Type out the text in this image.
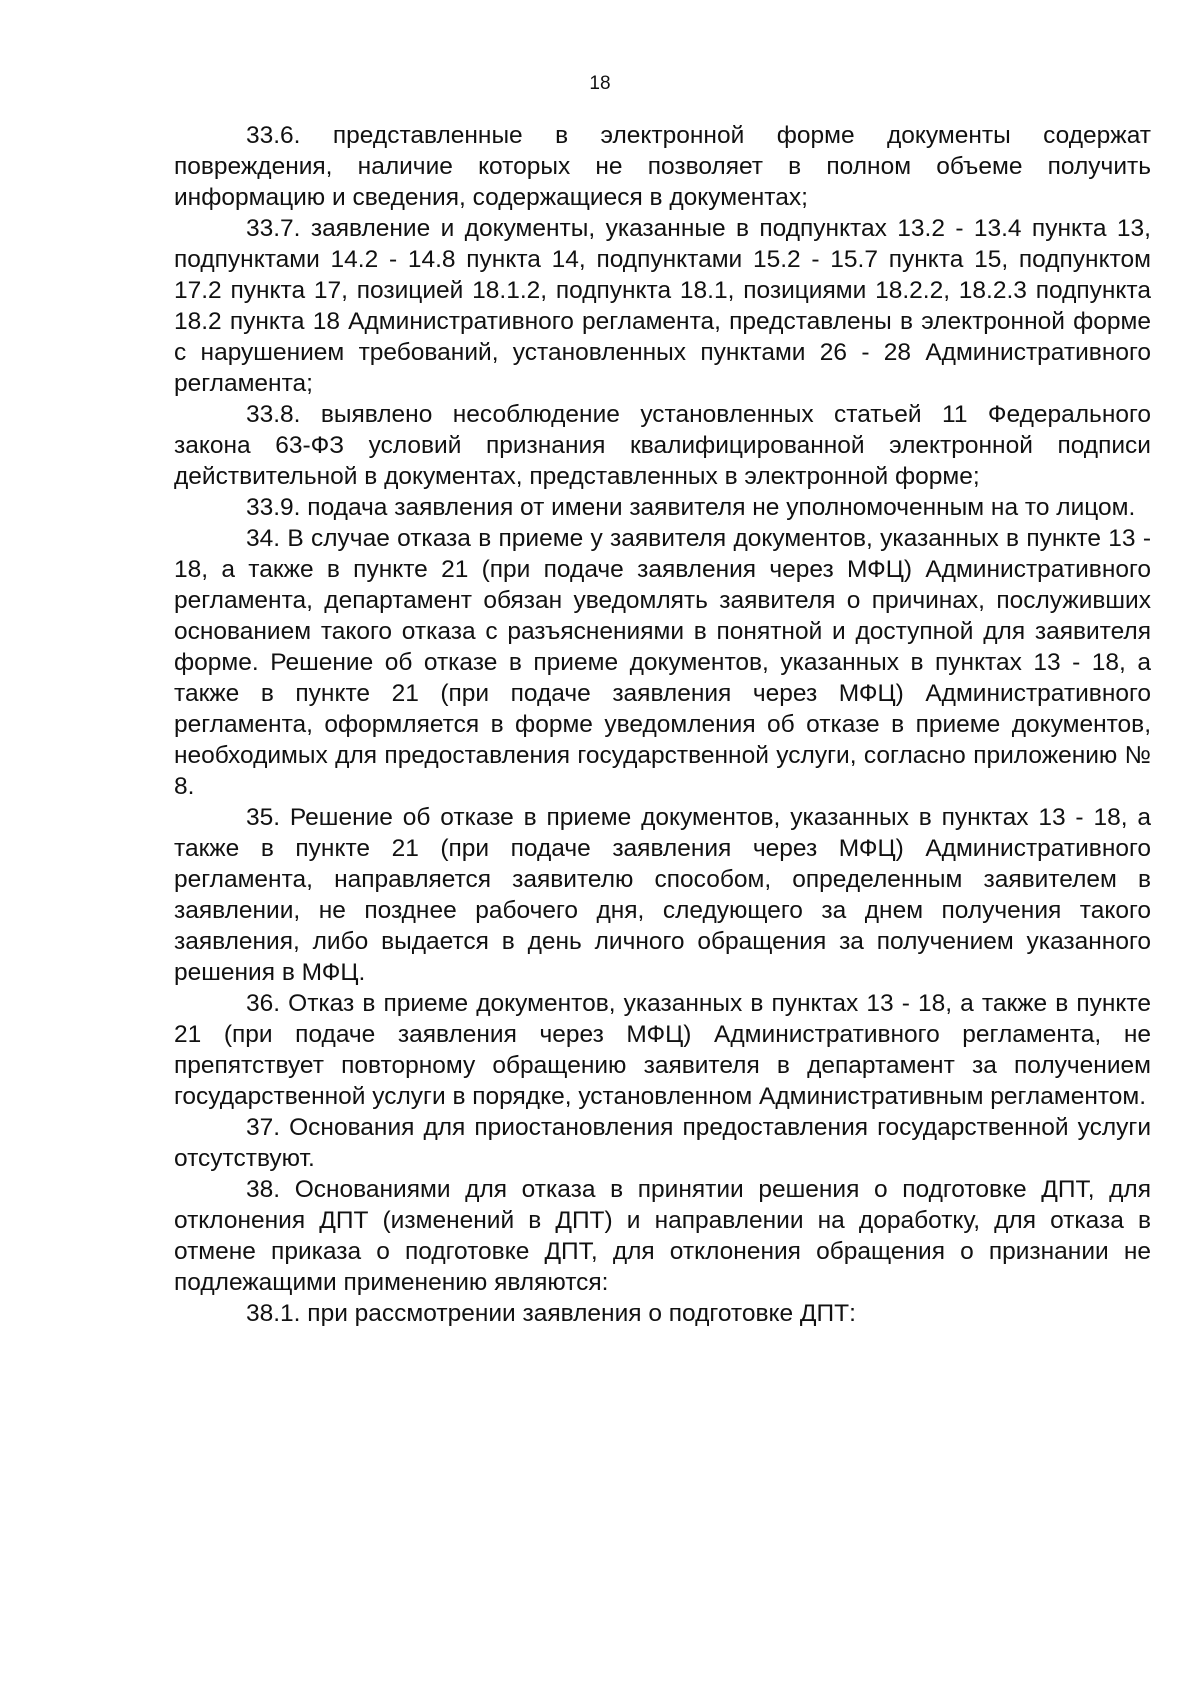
18

33.6. представленные в электронной форме документы содержат повреждения, наличие которых не позволяет в полном объеме получить информацию и сведения, содержащиеся в документах;

33.7. заявление и документы, указанные в подпунктах 13.2 - 13.4 пункта 13, подпунктами 14.2 - 14.8 пункта 14, подпунктами 15.2 - 15.7 пункта 15, подпунктом 17.2 пункта 17, позицией 18.1.2, подпункта 18.1, позициями 18.2.2, 18.2.3 подпункта 18.2 пункта 18 Административного регламента, представлены в электронной форме с нарушением требований, установленных пунктами 26 - 28 Административного регламента;

33.8. выявлено несоблюдение установленных статьей 11 Федерального закона 63-ФЗ условий признания квалифицированной электронной подписи действительной в документах, представленных в электронной форме;

33.9. подача заявления от имени заявителя не уполномоченным на то лицом.

34. В случае отказа в приеме у заявителя документов, указанных в пункте 13 - 18, а также в пункте 21 (при подаче заявления через МФЦ) Административного регламента, департамент обязан уведомлять заявителя о причинах, послуживших основанием такого отказа с разъяснениями в понятной и доступной для заявителя форме. Решение об отказе в приеме документов, указанных в пунктах 13 - 18, а также в пункте 21 (при подаче заявления через МФЦ) Административного регламента, оформляется в форме уведомления об отказе в приеме документов, необходимых для предоставления государственной услуги, согласно приложению № 8.

35. Решение об отказе в приеме документов, указанных в пунктах 13 - 18, а также в пункте 21 (при подаче заявления через МФЦ) Административного регламента, направляется заявителю способом, определенным заявителем в заявлении, не позднее рабочего дня, следующего за днем получения такого заявления, либо выдается в день личного обращения за получением указанного решения в МФЦ.

36. Отказ в приеме документов, указанных в пунктах 13 - 18, а также в пункте 21 (при подаче заявления через МФЦ) Административного регламента, не препятствует повторному обращению заявителя в департамент за получением государственной услуги в порядке, установленном Административным регламентом.

37. Основания для приостановления предоставления государственной услуги отсутствуют.

38. Основаниями для отказа в принятии решения о подготовке ДПТ, для отклонения ДПТ (изменений в ДПТ) и направлении на доработку, для отказа в отмене приказа о подготовке ДПТ, для отклонения обращения о признании не подлежащими применению являются:

38.1. при рассмотрении заявления о подготовке ДПТ:
